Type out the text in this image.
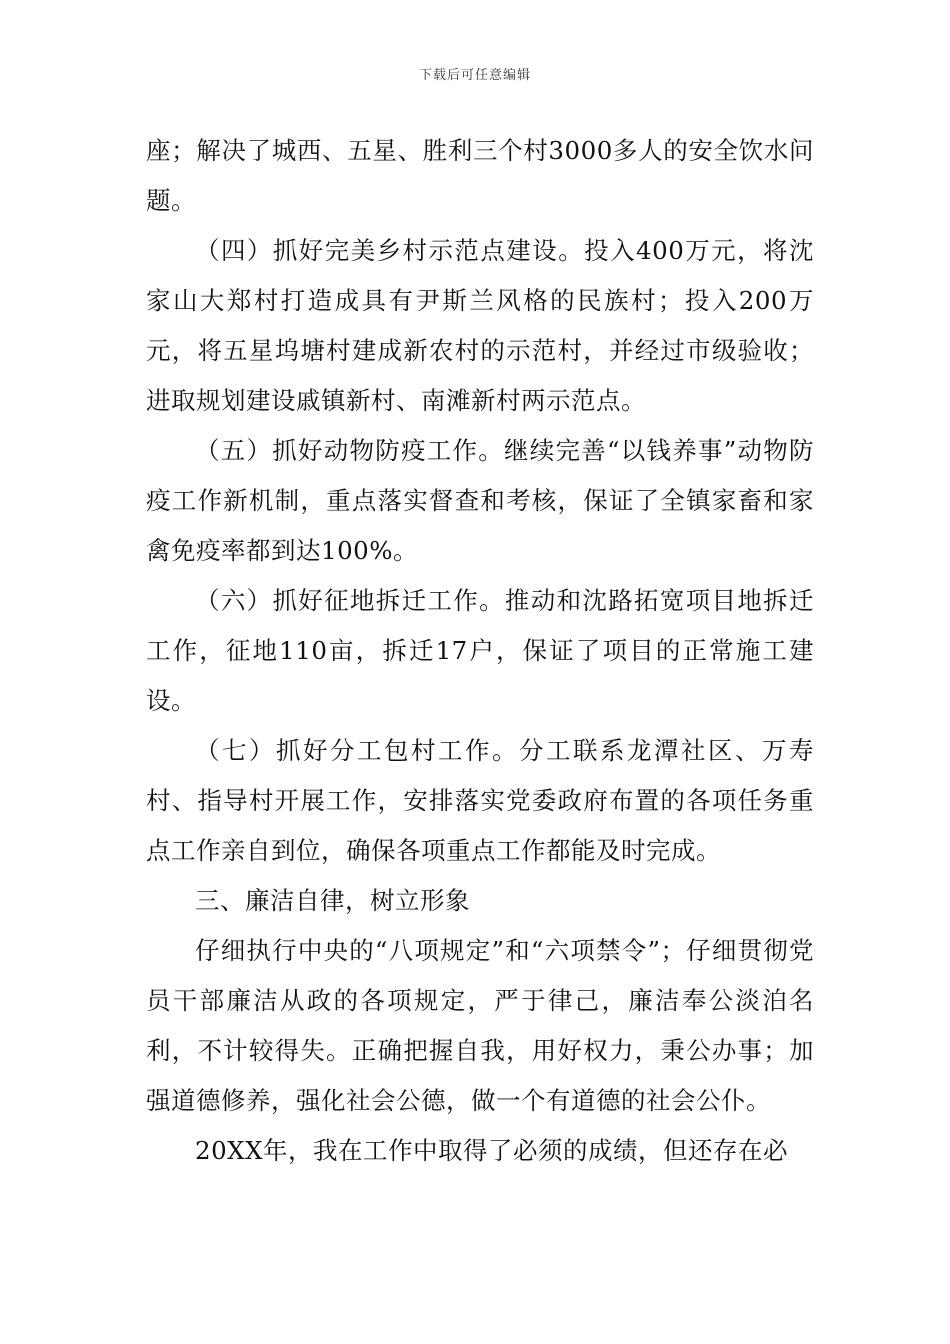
下载后可任意编辑

座；解决了城西、五星、胜利三个村3000多人的安全饮水问题。

（四）抓好完美乡村示范点建设。投入400万元，将沈家山大郑村打造成具有尹斯兰风格的民族村；投入200万元，将五星坞塘村建成新农村的示范村，并经过市级验收；进取规划建设戚镇新村、南滩新村两示范点。

（五）抓好动物防疫工作。继续完善“以钱养事”动物防疫工作新机制，重点落实督查和考核，保证了全镇家畜和家禽免疫率都到达100%。

（六）抓好征地拆迁工作。推动和沈路拓宽项目地拆迁工作，征地110亩，拆迁17户，保证了项目的正常施工建设。

（七）抓好分工包村工作。分工联系龙潭社区、万寿村、指导村开展工作，安排落实党委政府布置的各项任务重点工作亲自到位，确保各项重点工作都能及时完成。

三、廉洁自律，树立形象

仔细执行中央的“八项规定”和“六项禁令”；仔细贯彻党员干部廉洁从政的各项规定，严于律己，廉洁奉公淡泊名利，不计较得失。正确把握自我，用好权力，秉公办事；加强道德修养，强化社会公德，做一个有道德的社会公仆。

20XX年，我在工作中取得了必须的成绩，但还存在必
